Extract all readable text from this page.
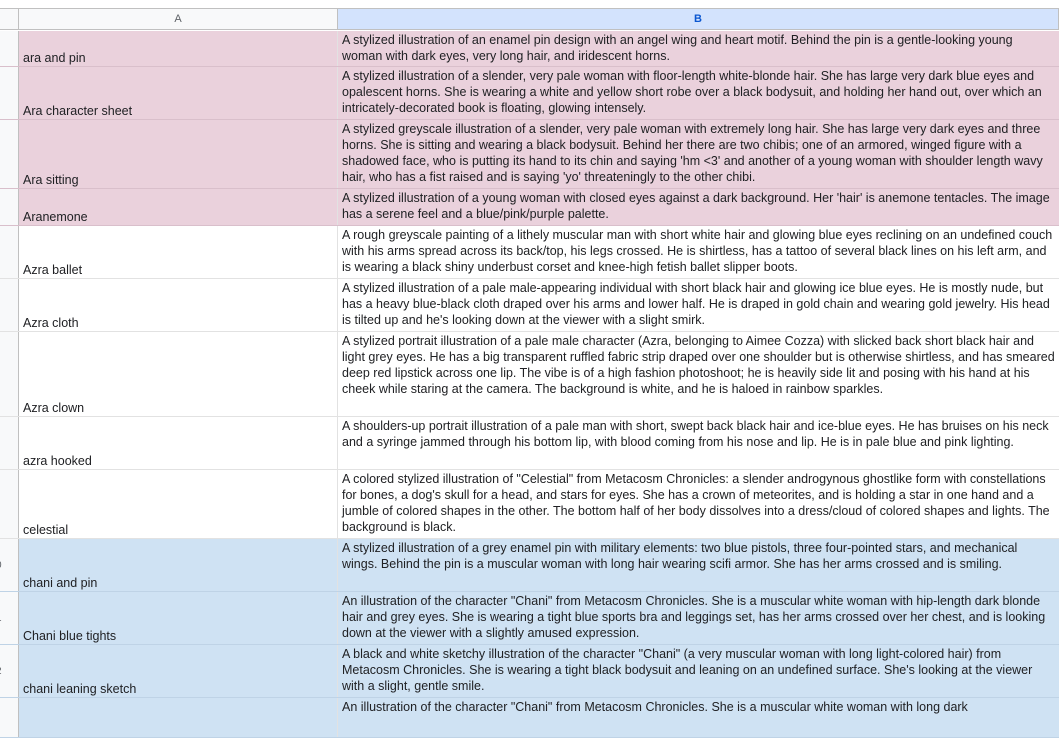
A	B
ara and pin
A stylized illustration of an enamel pin design with an angel wing and heart motif. Behind the pin is a gentle-looking young woman with dark eyes, very long hair, and iridescent horns.
Ara character sheet
A stylized illustration of a slender, very pale woman with floor-length white-blonde hair. She has large very dark blue eyes and opalescent horns. She is wearing a white and yellow short robe over a black bodysuit, and holding her hand out, over which an intricately-decorated book is floating, glowing intensely.
Ara sitting
A stylized greyscale illustration of a slender, very pale woman with extremely long hair. She has large very dark eyes and three horns. She is sitting and wearing a black bodysuit. Behind her there are two chibis; one of an armored, winged figure with a shadowed face, who is putting its hand to its chin and saying 'hm <3' and another of a young woman with shoulder length wavy hair, who has a fist raised and is saying 'yo' threateningly to the other chibi.
Aranemone
A stylized illustration of a young woman with closed eyes against a dark background. Her 'hair' is anemone tentacles. The image has a serene feel and a blue/pink/purple palette.
Azra ballet
A rough greyscale painting of a lithely muscular man with short white hair and glowing blue eyes reclining on an undefined couch with his arms spread across its back/top, his legs crossed. He is shirtless, has a tattoo of several black lines on his left arm, and is wearing a black shiny underbust corset and knee-high fetish ballet slipper boots.
Azra cloth
A stylized illustration of a pale male-appearing individual with short black hair and glowing ice blue eyes. He is mostly nude, but has a heavy blue-black cloth draped over his arms and lower half. He is draped in gold chain and wearing gold jewelry. His head is tilted up and he's looking down at the viewer with a slight smirk.
Azra clown
A stylized portrait illustration of a pale male character (Azra, belonging to Aimee Cozza) with slicked back short black hair and light grey eyes. He has a big transparent ruffled fabric strip draped over one shoulder but is otherwise shirtless, and has smeared deep red lipstick across one lip. The vibe is of a high fashion photoshoot; he is heavily side lit and posing with his hand at his cheek while staring at the camera. The background is white, and he is haloed in rainbow sparkles.
azra hooked
A shoulders-up portrait illustration of a pale man with short, swept back black hair and ice-blue eyes. He has bruises on his neck and a syringe jammed through his bottom lip, with blood coming from his nose and lip. He is in pale blue and pink lighting.
celestial
A colored stylized illustration of "Celestial" from Metacosm Chronicles: a slender androgynous ghostlike form with constellations for bones, a dog's skull for a head, and stars for eyes. She has a crown of meteorites, and is holding a star in one hand and a jumble of colored shapes in the other. The bottom half of her body dissolves into a dress/cloud of colored shapes and lights. The background is black.
chani and pin
A stylized illustration of a grey enamel pin with military elements: two blue pistols, three four-pointed stars, and mechanical wings. Behind the pin is a muscular woman with long hair wearing scifi armor. She has her arms crossed and is smiling.
Chani blue tights
An illustration of the character "Chani" from Metacosm Chronicles. She is a muscular white woman with hip-length dark blonde hair and grey eyes. She is wearing a tight blue sports bra and leggings set, has her arms crossed over her chest, and is looking down at the viewer with a slightly amused expression.
chani leaning sketch
A black and white sketchy illustration of the character "Chani" (a very muscular woman with long light-colored hair) from Metacosm Chronicles. She is wearing a tight black bodysuit and leaning on an undefined surface. She's looking at the viewer with a slight, gentle smile.
An illustration of the character "Chani" from Metacosm Chronicles. She is a muscular white woman with long dark
